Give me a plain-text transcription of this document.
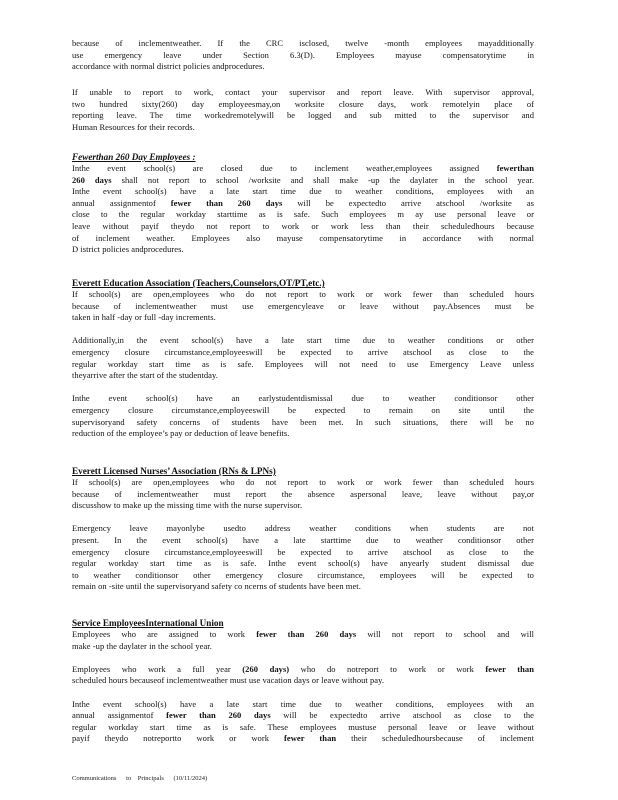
because of inclementweather. If the CRC isclosed, twelve -month employees mayadditionally
use emergency leave under Section 6.3(D). Employees mayuse compensatorytime in
accordance with normal district policies andprocedures.
If unable to report to work, contact your supervisor and report leave. With supervisor approval,
two hundred sixty(260) day employeesmay,on worksite closure days, work remotelyin place of
reporting leave. The time workedremotelywill be logged and sub mitted to the supervisor and
Human Resources for their records.
Fewerthan 260 Day Employees :
Inthe event school(s) are closed due to inclement weather,employees assigned fewerthan
260 days shall not report to school /worksite and shall make -up the daylater in the school year.
Inthe event school(s) have a late start time due to weather conditions, employees with an
annual assignmentof fewer than 260 days will be expectedto arrive atschool /worksite as
close to the regular workday starttime as is safe. Such employees m ay use personal leave or
leave without payif theydo not report to work or work less than their scheduledhours because
of inclement weather. Employees also mayuse compensatorytime in accordance with normal
D istrict policies andprocedures.
Everett Education Association (Teachers,Counselors,OT/PT,etc.)
If school(s) are open,employees who do not report to work or work fewer than scheduled hours
because of inclementweather must use emergencyleave or leave without pay.Absences must be
taken in half -day or full -day increments.
Additionally,in the event school(s) have a late start time due to weather conditions or other
emergency closure circumstance,employeeswill be expected to arrive atschool as close to the
regular workday start time as is safe. Employees will not need to use Emergency Leave unless
theyarrive after the start of the studentday.
Inthe event school(s) have an earlystudentdismissal due to weather conditionsor other
emergency closure circumstance,employeeswill be expected to remain on site until the
supervisoryand safety concerns of students have been met. In such situations, there will be no
reduction of the employee’s pay or deduction of leave benefits.
Everett Licensed Nurses’ Association (RNs & LPNs)
If school(s) are open,employees who do not report to work or work fewer than scheduled hours
because of inclementweather must report the absence aspersonal leave, leave without pay,or
discusshow to make up the missing time with the nurse supervisor.
Emergency leave mayonlybe usedto address weather conditions when students are not
present. In the event school(s) have a late starttime due to weather conditionsor other
emergency closure circumstance,employeeswill be expected to arrive atschool as close to the
regular workday start time as is safe. Inthe event school(s) have anyearly student dismissal due
to weather conditionsor other emergency closure circumstance, employees will be expected to
remain on -site until the supervisoryand safety co ncerns of students have been met.
Service EmployeesInternational Union
Employees who are assigned to work fewer than 260 days will not report to school and will
make -up the daylater in the school year.
Employees who work a full year (260 days) who do notreport to work or work fewer than
scheduled hours becauseof inclementweather must use vacation days or leave without pay.
Inthe event school(s) have a late start time due to weather conditions, employees with an
annual assignmentof fewer than 260 days will be expectedto arrive atschool as close to the
regular workday start time as is safe. These employees mustuse personal leave or leave without
payif theydo notreportto work or work fewer than their scheduledhoursbecause of inclement
Communications      to    Principals      (10/11/2024)
